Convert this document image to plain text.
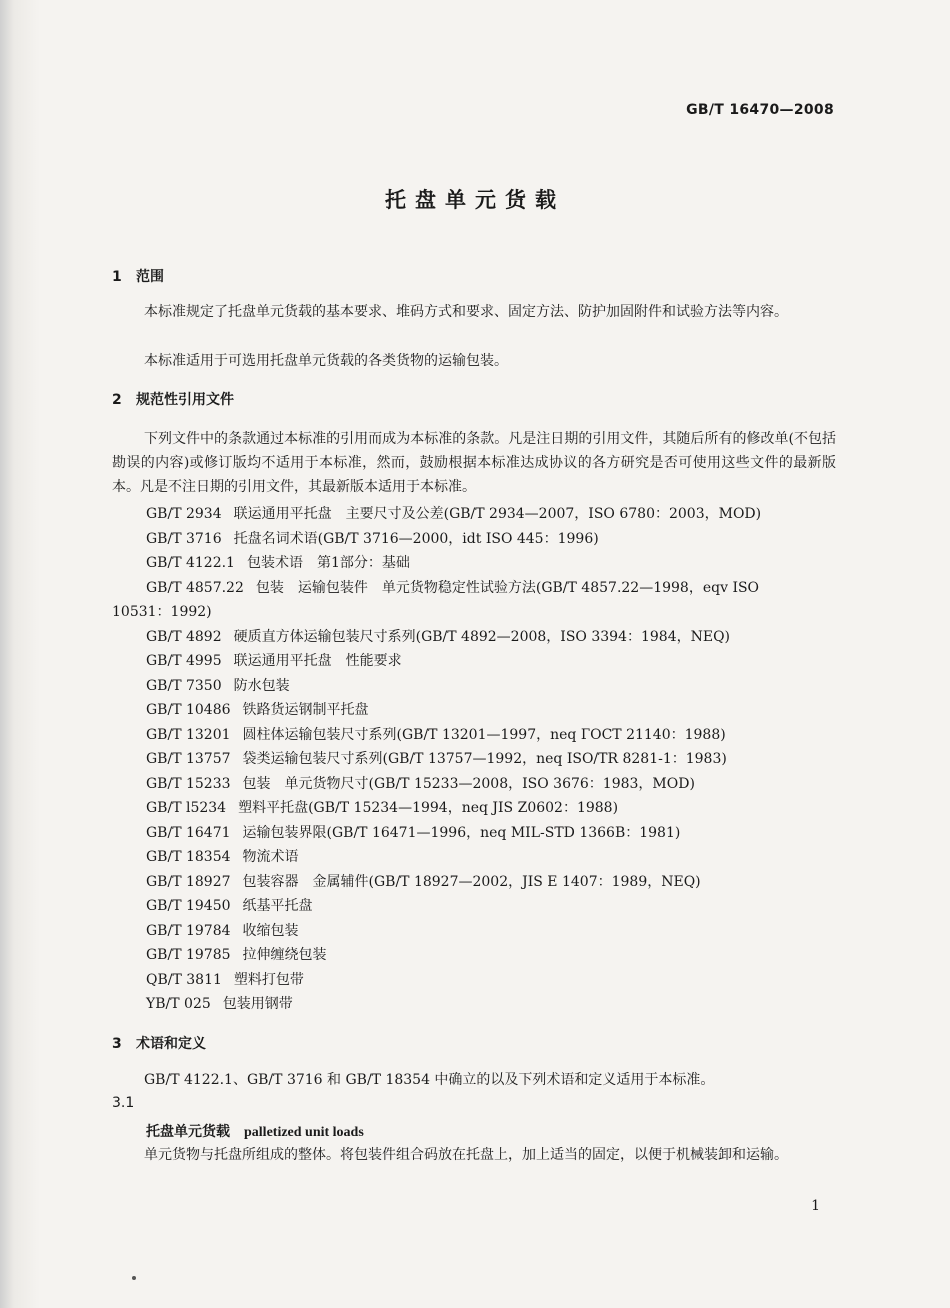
GB/T 16470—2008
托盘单元货载
1 范围
本标准规定了托盘单元货载的基本要求、堆码方式和要求、固定方法、防护加固附件和试验方法等内容。
本标准适用于可选用托盘单元货载的各类货物的运输包装。
2 规范性引用文件
下列文件中的条款通过本标准的引用而成为本标准的条款。凡是注日期的引用文件，其随后所有的修改单(不包括勘误的内容)或修订版均不适用于本标准，然而，鼓励根据本标准达成协议的各方研究是否可使用这些文件的最新版本。凡是不注日期的引用文件，其最新版本适用于本标准。
GB/T 2934 联运通用平托盘　主要尺寸及公差(GB/T 2934—2007，ISO 6780：2003，MOD)
GB/T 3716 托盘名词术语(GB/T 3716—2000，idt ISO 445：1996)
GB/T 4122.1 包装术语　第1部分：基础
GB/T 4857.22 包装　运输包装件　单元货物稳定性试验方法(GB/T 4857.22—1998，eqv ISO
10531：1992)
GB/T 4892 硬质直方体运输包装尺寸系列(GB/T 4892—2008，ISO 3394：1984，NEQ)
GB/T 4995 联运通用平托盘　性能要求
GB/T 7350 防水包装
GB/T 10486 铁路货运钢制平托盘
GB/T 13201 圆柱体运输包装尺寸系列(GB/T 13201—1997，neq ГОСТ 21140：1988)
GB/T 13757 袋类运输包装尺寸系列(GB/T 13757—1992，neq ISO/TR 8281-1：1983)
GB/T 15233 包装　单元货物尺寸(GB/T 15233—2008，ISO 3676：1983，MOD)
GB/T l5234 塑料平托盘(GB/T 15234—1994，neq JIS Z0602：1988)
GB/T 16471 运输包装界限(GB/T 16471—1996，neq MIL-STD 1366B：1981)
GB/T 18354 物流术语
GB/T 18927 包装容器　金属辅件(GB/T 18927—2002，JIS E 1407：1989，NEQ)
GB/T 19450 纸基平托盘
GB/T 19784 收缩包装
GB/T 19785 拉伸缠绕包装
QB/T 3811 塑料打包带
YB/T 025 包装用钢带
3 术语和定义
GB/T 4122.1、GB/T 3716 和 GB/T 18354 中确立的以及下列术语和定义适用于本标准。
3.1
托盘单元货载 palletized unit loads
单元货物与托盘所组成的整体。将包装件组合码放在托盘上，加上适当的固定，以便于机械装卸和运输。
1
